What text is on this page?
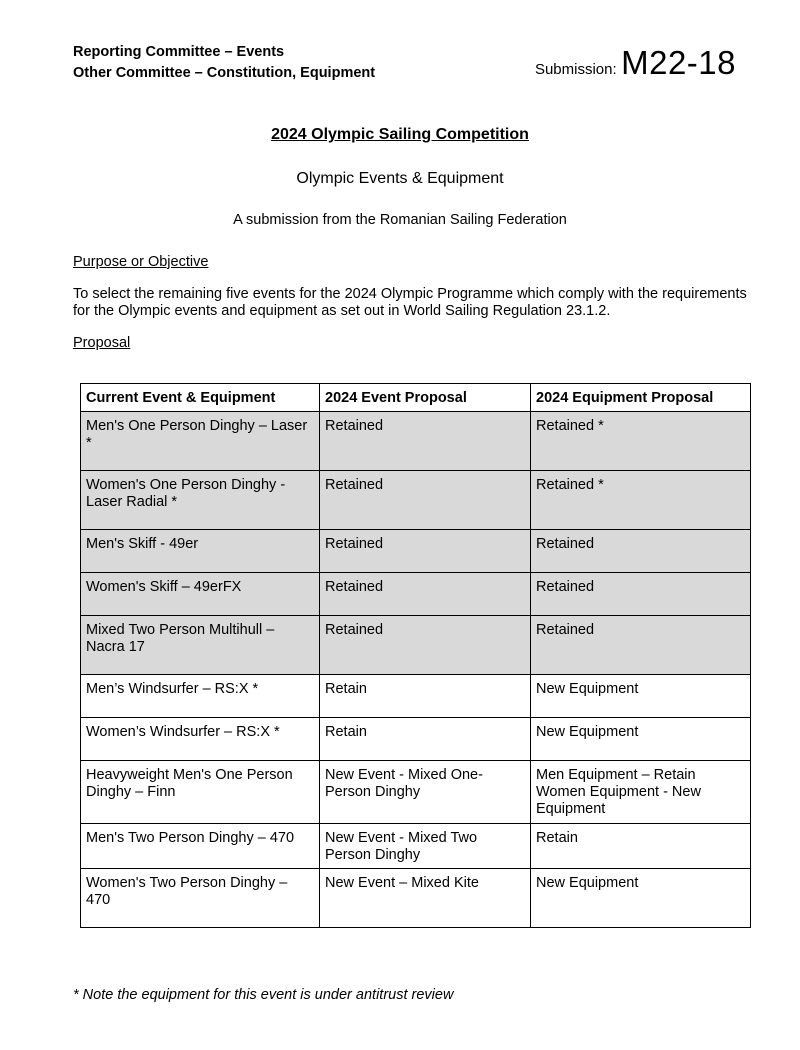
Reporting Committee – Events
Other Committee – Constitution, Equipment	Submission: M22-18
2024 Olympic Sailing Competition
Olympic Events & Equipment
A submission from the Romanian Sailing Federation
Purpose or Objective
To select the remaining five events for the 2024 Olympic Programme which comply with the requirements for the Olympic events and equipment as set out in World Sailing Regulation 23.1.2.
Proposal
Current Event & Equipment	2024 Event Proposal	2024 Equipment Proposal
Men's One Person Dinghy – Laser *	Retained	Retained *
Women's One Person Dinghy - Laser Radial *	Retained	Retained *
Men's Skiff - 49er	Retained	Retained
Women's Skiff – 49erFX	Retained	Retained
Mixed Two Person Multihull – Nacra 17	Retained	Retained
Men’s Windsurfer – RS:X *	Retain	New Equipment
Women’s Windsurfer – RS:X *	Retain	New Equipment
Heavyweight Men's One Person Dinghy – Finn	New Event - Mixed One-Person Dinghy	Men Equipment – Retain Women Equipment - New Equipment
Men's Two Person Dinghy – 470	New Event - Mixed Two Person Dinghy	Retain
Women's Two Person Dinghy – 470	New Event – Mixed Kite	New Equipment
* Note the equipment for this event is under antitrust review
